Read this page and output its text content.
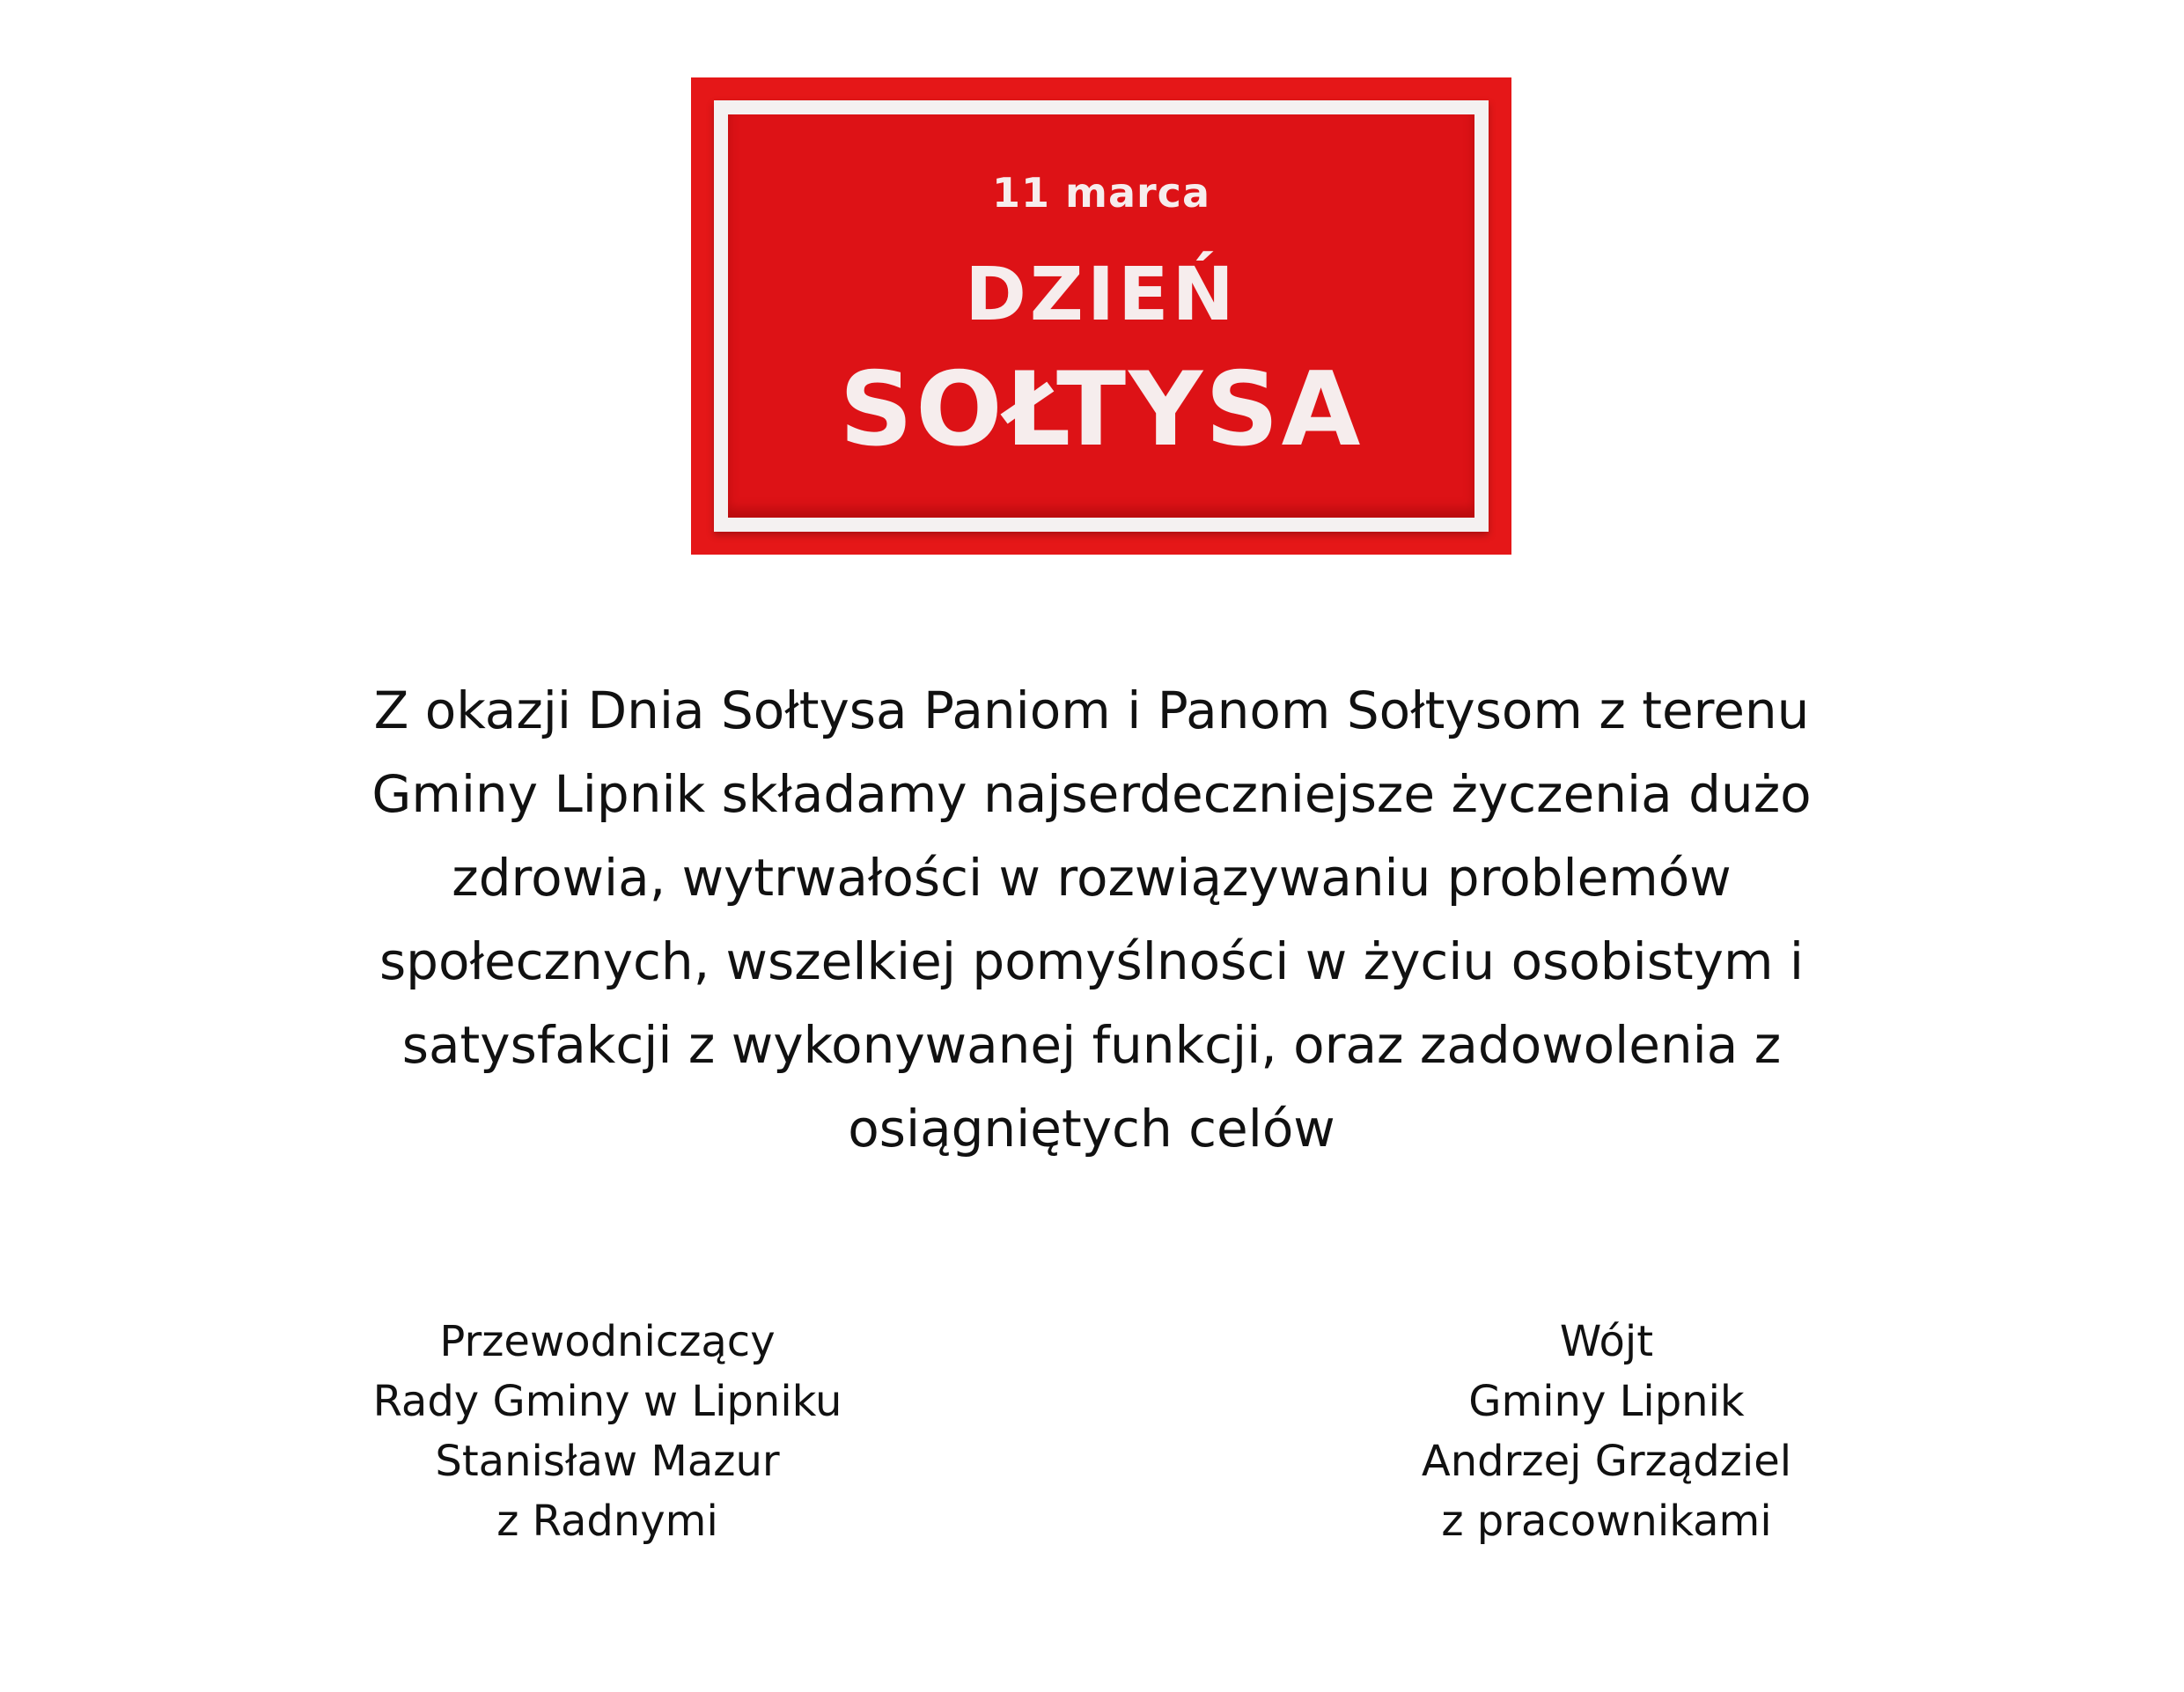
11 marca
DZIEŃ
SOŁTYSA
Z okazji Dnia Sołtysa Paniom i Panom Sołtysom z terenu Gminy Lipnik składamy najserdeczniejsze życzenia dużo zdrowia, wytrwałości w rozwiązywaniu problemów społecznych, wszelkiej pomyślności w życiu osobistym i satysfakcji z wykonywanej funkcji, oraz zadowolenia z osiągniętych celów
Przewodniczący
Rady Gminy w Lipniku
Stanisław Mazur
z Radnymi
Wójt
Gminy Lipnik
Andrzej Grządziel
z pracownikami
